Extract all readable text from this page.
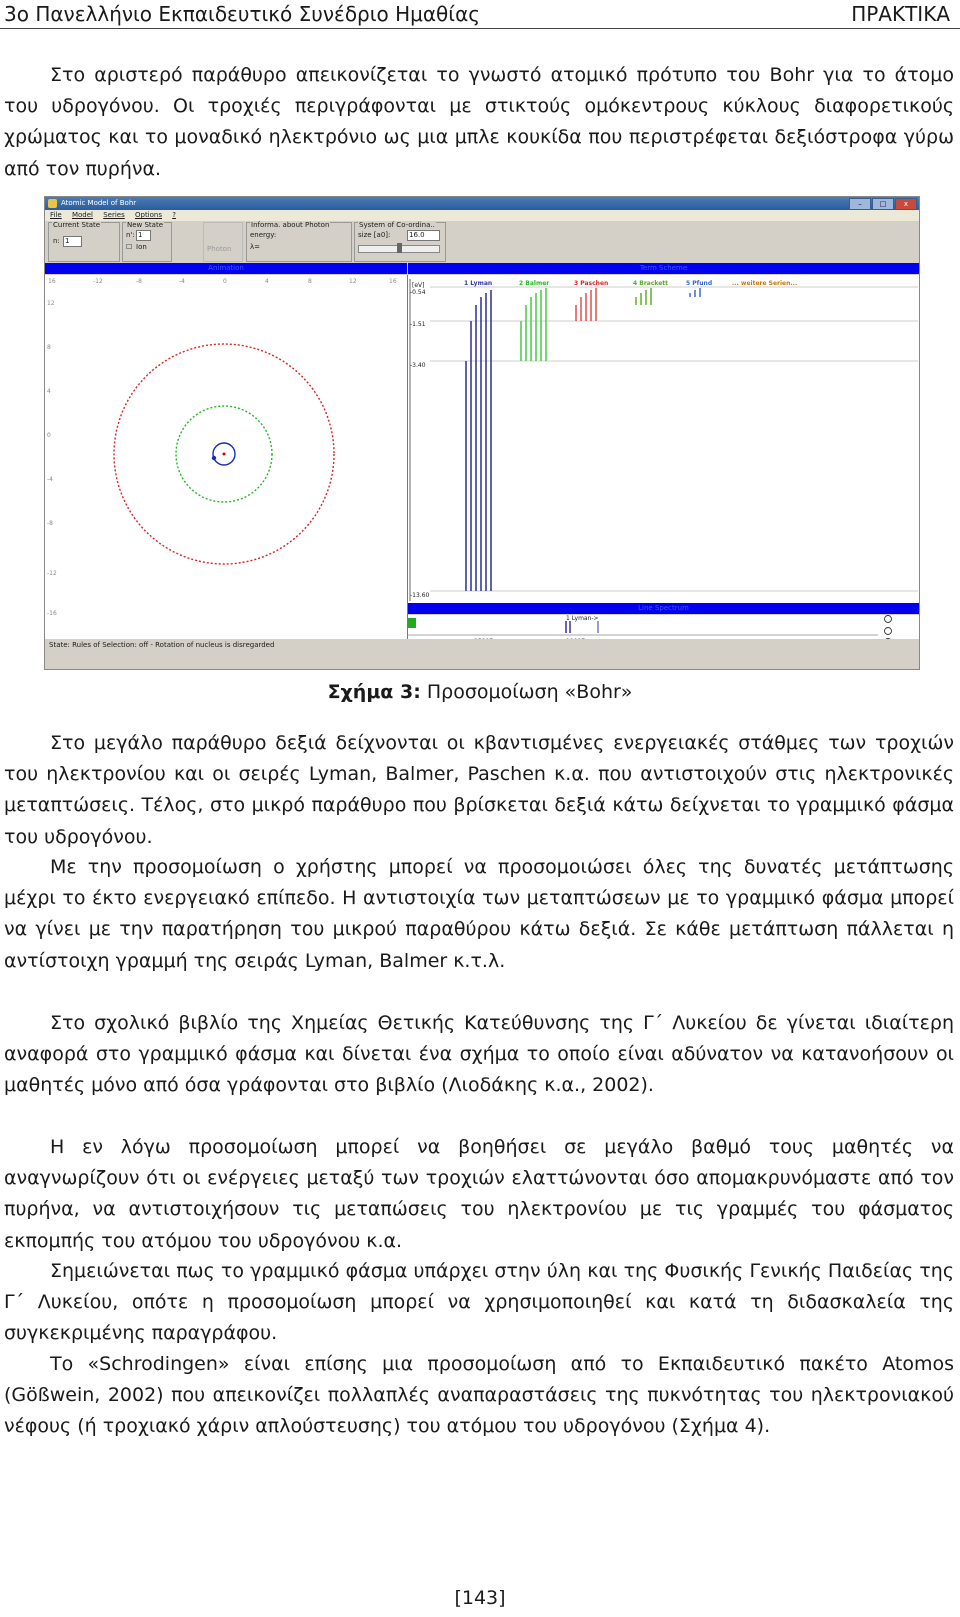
3ο Πανελλήνιο Εκπαιδευτικό Συνέδριο Ημαθίας	ΠΡΑΚΤΙΚΑ

Στο αριστερό παράθυρο απεικονίζεται το γνωστό ατομικό πρότυπο του Bohr για το άτομο του υδρογόνου. Οι τροχιές περιγράφονται με στικτούς ομόκεντρους κύκλους διαφορετικούς χρώματος και το μοναδικό ηλεκτρόνιο ως μια μπλε κουκίδα που περιστρέφεται δεξιόστροφα γύρω από τον πυρήνα.

Atomic Model of Bohr	–	□	x
File Model Series Options ?
Current State
n: 1
New State
n': 1
☐ Ion	Photon
Informa. about Photon
energy:
λ=
System of Co-ordina..
size [a0]:	16.0
Animation	Term Scheme
16	-12	-8	-4	0	4	8	12	16
12
8
4
0
-4
-8
-12
-16
[eV]
-0.54
-1.51
-3.40
-13.60
1 Lyman	2 Balmer	3 Paschen	4 Brackett	5 Pfund	... weitere Serien...
Line Spectrum
1 Lyman->
State: Rules of Selection: off - Rotation of nucleus is disregarded
Σχήμα 3: Προσομοίωση «Bohr»

Στο μεγάλο παράθυρο δεξιά δείχνονται οι κβαντισμένες ενεργειακές στάθμες των τροχιών του ηλεκτρονίου και οι σειρές Lyman, Balmer, Paschen κ.α. που αντιστοιχούν στις ηλεκτρονικές μεταπτώσεις. Τέλος, στο μικρό παράθυρο που βρίσκεται δεξιά κάτω δείχνεται το γραμμικό φάσμα του υδρογόνου.

Με την προσομοίωση ο χρήστης μπορεί να προσομοιώσει όλες της δυνατές μετάπτωσης μέχρι το έκτο ενεργειακό επίπεδο. Η αντιστοιχία των μεταπτώσεων με το γραμμικό φάσμα μπορεί να γίνει με την παρατήρηση του μικρού παραθύρου κάτω δεξιά. Σε κάθε μετάπτωση πάλλεται η αντίστοιχη γραμμή της σειράς Lyman, Balmer κ.τ.λ.

Στο σχολικό βιβλίο της Χημείας Θετικής Κατεύθυνσης της Γ΄ Λυκείου δε γίνεται ιδιαίτερη αναφορά στο γραμμικό φάσμα και δίνεται ένα σχήμα το οποίο είναι αδύνατον να κατανοήσουν οι μαθητές μόνο από όσα γράφονται στο βιβλίο (Λιοδάκης κ.α., 2002).

Η εν λόγω προσομοίωση μπορεί να βοηθήσει σε μεγάλο βαθμό τους μαθητές να αναγνωρίζουν ότι οι ενέργειες μεταξύ των τροχιών ελαττώνονται όσο απομακρυνόμαστε από τον πυρήνα, να αντιστοιχήσουν τις μεταπώσεις του ηλεκτρονίου με τις γραμμές του φάσματος εκπομπής του ατόμου του υδρογόνου κ.α.

Σημειώνεται πως το γραμμικό φάσμα υπάρχει στην ύλη και της Φυσικής Γενικής Παιδείας της Γ΄ Λυκείου, οπότε η προσομοίωση μπορεί να χρησιμοποιηθεί και κατά τη διδασκαλεία της συγκεκριμένης παραγράφου.

Το «Schrodingen» είναι επίσης μια προσομοίωση από το Εκπαιδευτικό πακέτο Atomos (Gößwein, 2002) που απεικονίζει πολλαπλές αναπαραστάσεις της πυκνότητας του ηλεκτρονιακού νέφους (ή τροχιακό χάριν απλούστευσης) του ατόμου του υδρογόνου (Σχήμα 4).

[143]
